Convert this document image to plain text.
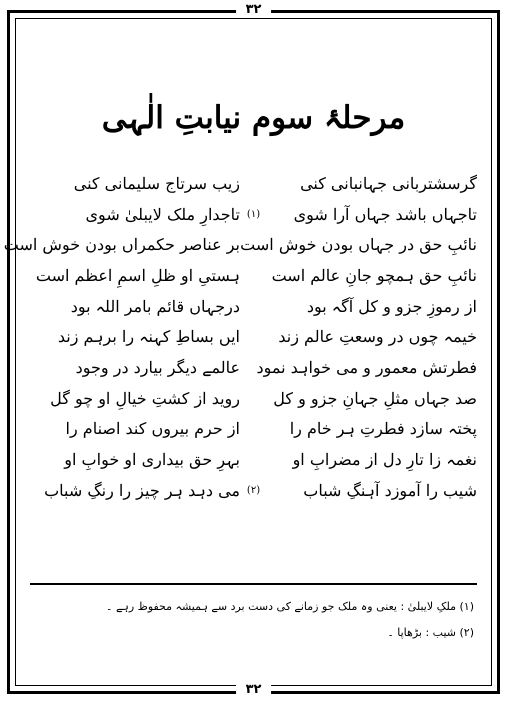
۳۲
مرحلۂ سوم نیابتِ الٰہی
گرسشتربانی جہانبانی کنی
زیب سرتاج سلیمانی کنی
تاجہاں باشد جہاں آرا شوی
(۱)
تاجدارِ ملک لایبلیٰ شوی
نائبِ حق در جہاں بودن خوش است
بر عناصر حکمراں بودن خوش است
نائبِ حق ہمچو جانِ عالم است
ہستیِ او ظلِ اسمِ اعظم است
از رموزِ جزو و کل آگہ بود
درجہاں قائم بامر اللہ بود
خیمہ چوں در وسعتِ عالم زند
ایں بساطِ کہنہ را برہم زند
فطرتش معمور و می خواہد نمود
عالمے دیگر بیارد در وجود
صد جہاں مثلِ جہانِ جزو و کل
روید از کشتِ خیالِ او چو گل
پختہ سازد فطرتِ ہر خام را
از حرم بیروں کند اصنام را
نغمہ زا تارِ دل از مضرابِ او
بہرِ حق بیداری او خوابِ او
شیب را آموزد آہنگِ شباب
(۲)
می دہد ہر چیز را رنگِ شباب
(۱) ملکِ لایبلیٰ : یعنی وہ ملک جو زمانے کی دست برد سے ہمیشہ محفوظ رہے ۔
(۲) شیب : بڑھاپا ۔
۳۲
